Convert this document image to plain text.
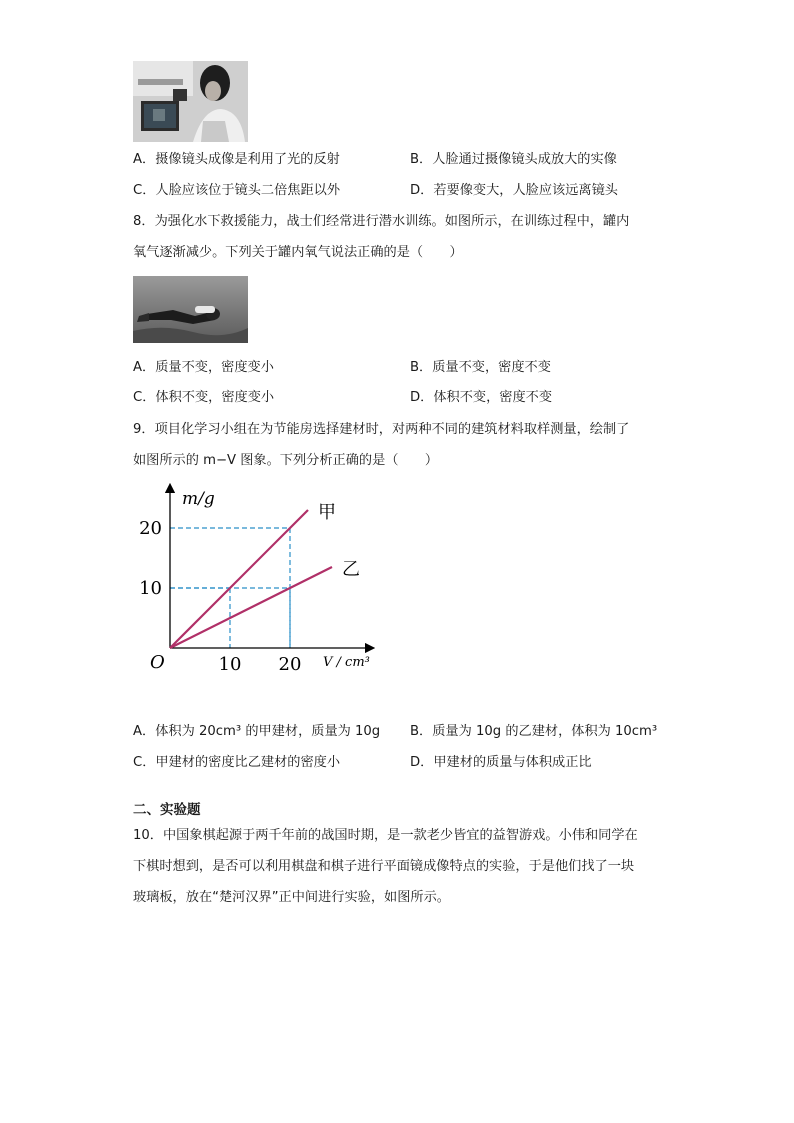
A．摄像镜头成像是利用了光的反射	B．人脸通过摄像镜头成放大的实像
C．人脸应该位于镜头二倍焦距以外	D．若要像变大，人脸应该远离镜头
8．为强化水下救援能力，战士们经常进行潜水训练。如图所示，在训练过程中，罐内
氧气逐渐减少。下列关于罐内氧气说法正确的是（　　）
A．质量不变，密度变小	B．质量不变，密度不变
C．体积不变，密度变小	D．体积不变，密度不变
9．项目化学习小组在为节能房选择建材时，对两种不同的建筑材料取样测量，绘制了
如图所示的 m−V 图象。下列分析正确的是（　　）
O
m/g
V / cm³
10 20
10
20
甲
乙
A．体积为 20cm³ 的甲建材，质量为 10g B．质量为 10g 的乙建材，体积为 10cm³
C．甲建材的密度比乙建材的密度小	D．甲建材的质量与体积成正比
二、实验题
10．中国象棋起源于两千年前的战国时期，是一款老少皆宜的益智游戏。小伟和同学在
下棋时想到，是否可以利用棋盘和棋子进行平面镜成像特点的实验，于是他们找了一块
玻璃板，放在“楚河汉界”正中间进行实验，如图所示。
